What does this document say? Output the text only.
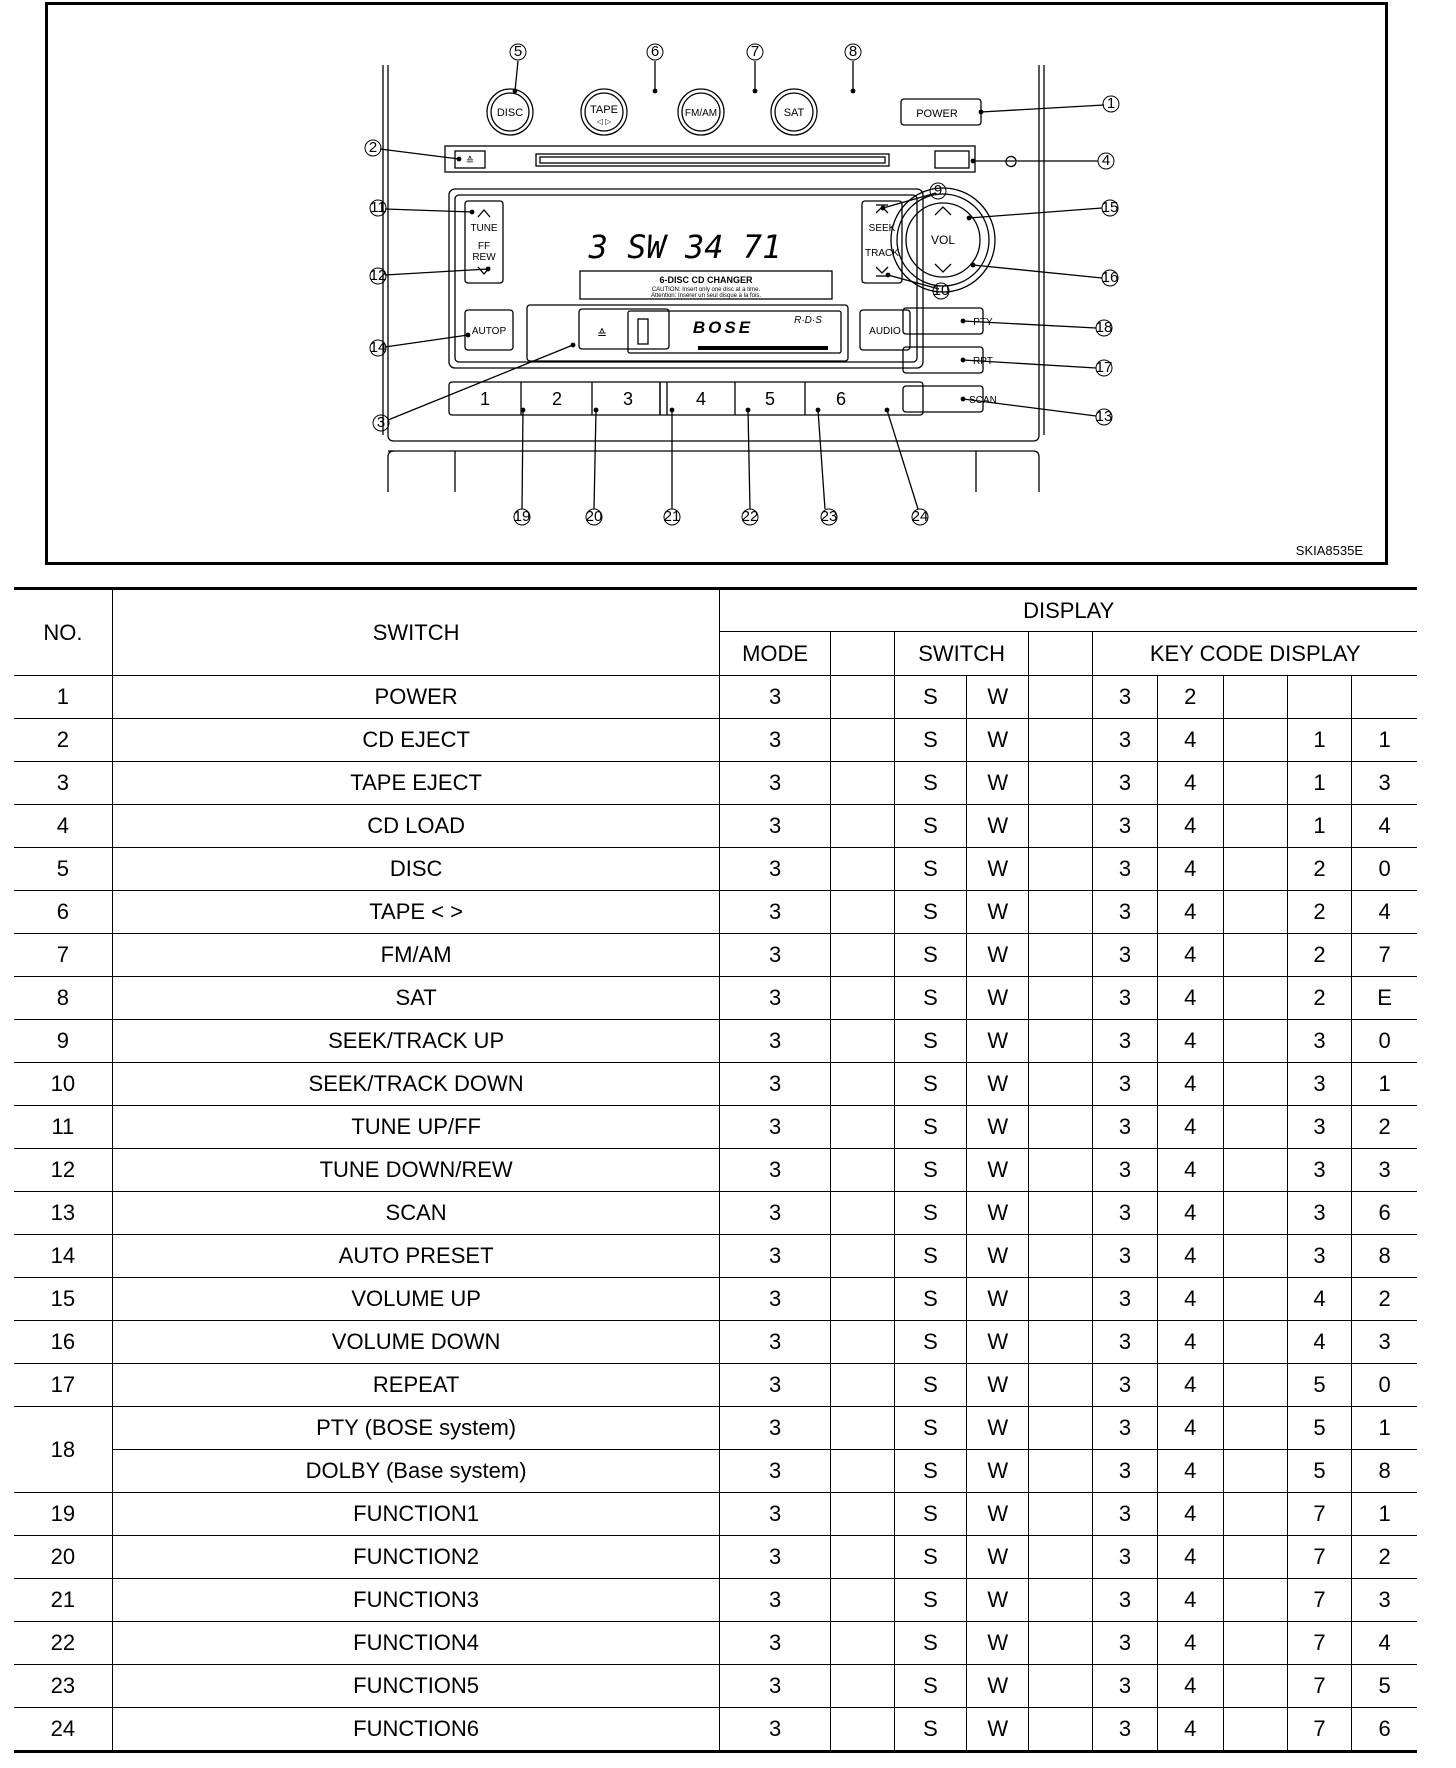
DISC	TAPE
◁ ▷
FM/AM	SAT	POWER
TUNE
FF
REW
SEEK
TRACK
VOL
AUTOP	AUDIO
PTY
RPT
SCAN
≙
≙
3 SW 34 71
6-DISC CD CHANGER
CAUTION: Insert only one disc at a time.
Attention: Insérer un seul disque à la fois.
BOSE	R·D·S
1	2	3	4	5	6
1
2
3
4
5	6	7	8
9
10
11
12
13
14
15
16
17
18
19	20	21	22	23	24
SKIA8535E
NO.	SWITCH	DISPLAY									
		MODE		SWITCH			KEY CODE DISPLAY				
1	POWER	3		S	W		3	2			
2	CD EJECT	3		S	W		3	4		1	1
3	TAPE EJECT	3		S	W		3	4		1	3
4	CD LOAD	3		S	W		3	4		1	4
5	DISC	3		S	W		3	4		2	0
6	TAPE < >	3		S	W		3	4		2	4
7	FM/AM	3		S	W		3	4		2	7
8	SAT	3		S	W		3	4		2	E
9	SEEK/TRACK UP	3		S	W		3	4		3	0
10	SEEK/TRACK DOWN	3		S	W		3	4		3	1
11	TUNE UP/FF	3		S	W		3	4		3	2
12	TUNE DOWN/REW	3		S	W		3	4		3	3
13	SCAN	3		S	W		3	4		3	6
14	AUTO PRESET	3		S	W		3	4		3	8
15	VOLUME UP	3		S	W		3	4		4	2
16	VOLUME DOWN	3		S	W		3	4		4	3
17	REPEAT	3		S	W		3	4		5	0
18	PTY (BOSE system)	3		S	W		3	4		5	1
	DOLBY (Base system)	3		S	W		3	4		5	8
19	FUNCTION1	3		S	W		3	4		7	1
20	FUNCTION2	3		S	W		3	4		7	2
21	FUNCTION3	3		S	W		3	4		7	3
22	FUNCTION4	3		S	W		3	4		7	4
23	FUNCTION5	3		S	W		3	4		7	5
24	FUNCTION6	3		S	W		3	4		7	6
